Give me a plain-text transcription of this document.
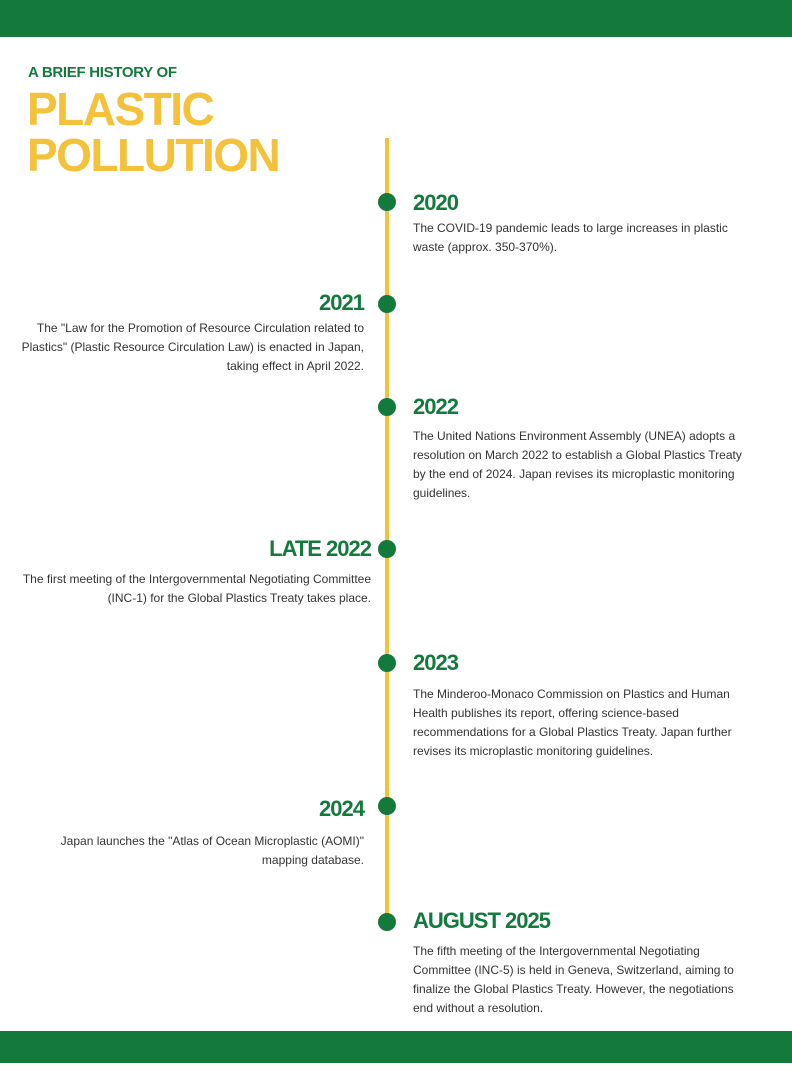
A BRIEF HISTORY OF
PLASTIC
POLLUTION
2020

The COVID-19 pandemic leads to large increases in plastic waste (approx. 350-370%).

2021

The "Law for the Promotion of Resource Circulation related to Plastics" (Plastic Resource Circulation Law) is enacted in Japan, taking effect in April 2022.

2022

The United Nations Environment Assembly (UNEA) adopts a resolution on March 2022 to establish a Global Plastics Treaty by the end of 2024. Japan revises its microplastic monitoring guidelines.

LATE 2022

The first meeting of the Intergovernmental Negotiating Committee (INC-1) for the Global Plastics Treaty takes place.

2023

The Minderoo-Monaco Commission on Plastics and Human Health publishes its report, offering science-based recommendations for a Global Plastics Treaty. Japan further revises its microplastic monitoring guidelines.

2024

Japan launches the "Atlas of Ocean Microplastic (AOMI)" mapping database.

AUGUST 2025

The fifth meeting of the Intergovernmental Negotiating Committee (INC-5) is held in Geneva, Switzerland, aiming to finalize the Global Plastics Treaty. However, the negotiations end without a resolution.
